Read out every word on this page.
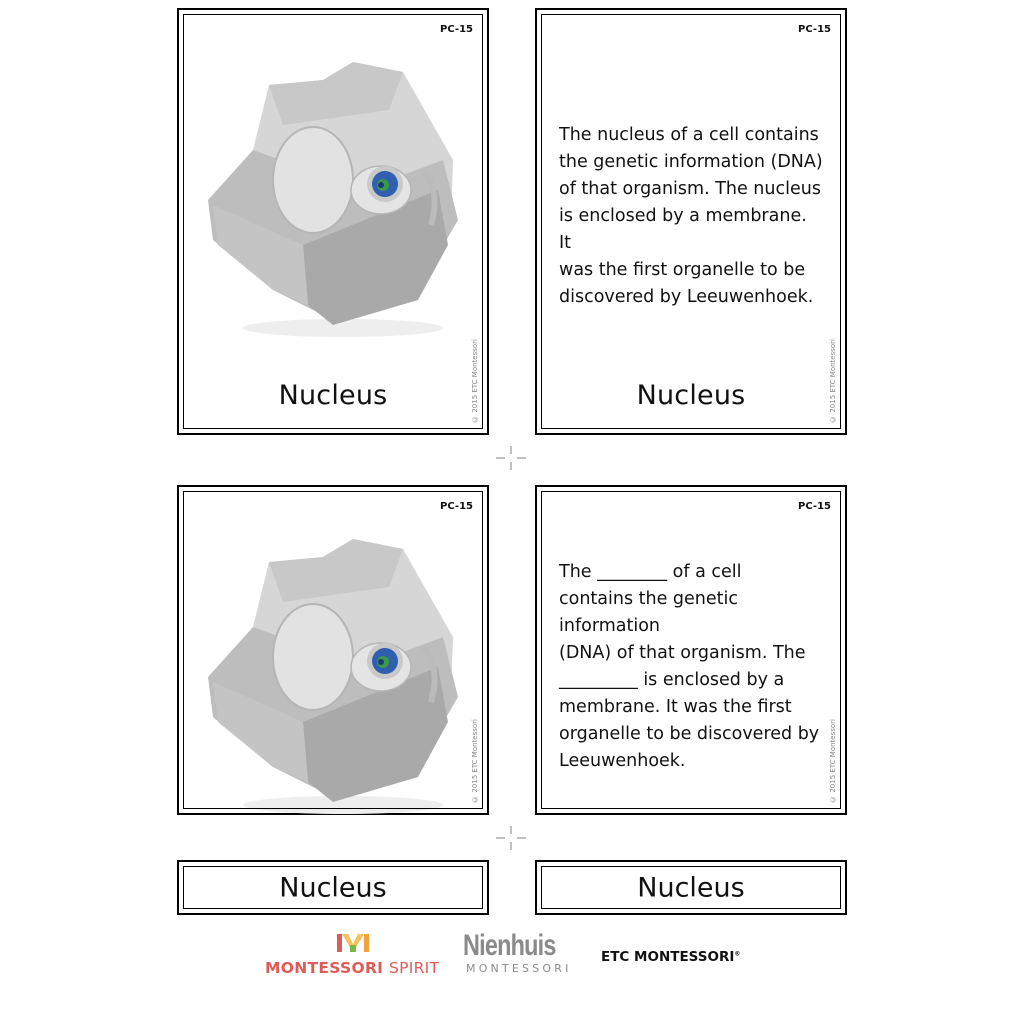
PC-15
© 2015 ETC Montessori
Nucleus
PC-15
The nucleus of a cell contains
the genetic information (DNA)
of that organism. The nucleus
is enclosed by a membrane. It
was the first organelle to be
discovered by Leeuwenhoek.
© 2015 ETC Montessori
Nucleus
PC-15
© 2015 ETC Montessori
PC-15
The ________ of a cell
contains the genetic information
(DNA) of that organism. The
_________ is enclosed by a
membrane. It was the first
organelle to be discovered by
Leeuwenhoek.	© 2015 ETC Montessori
Nucleus	Nucleus
MONTESSORI SPIRIT
Nienhuis
MONTESSORI
ETC MONTESSORI®
